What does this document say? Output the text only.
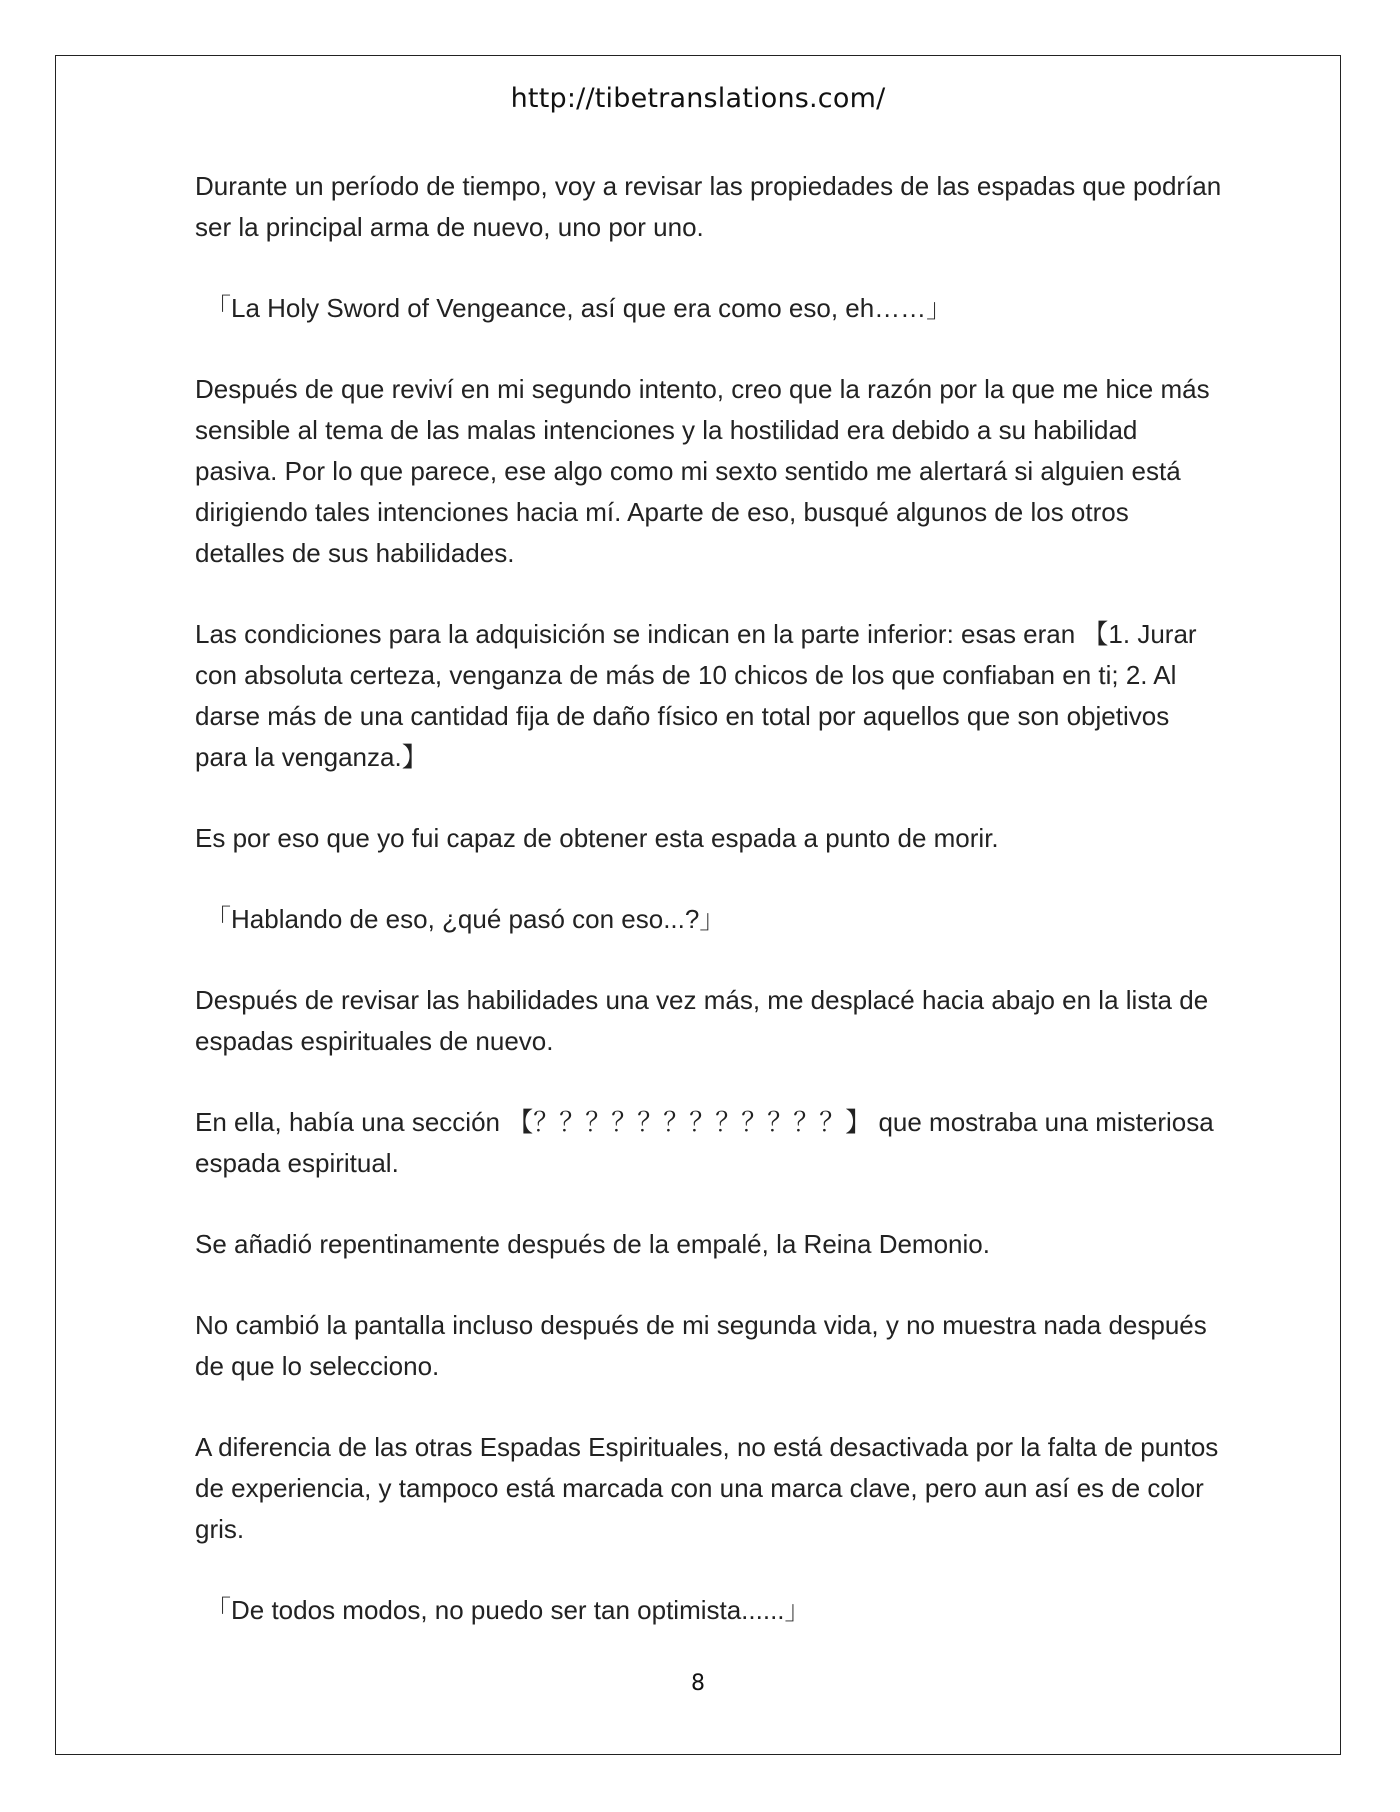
http://tibetranslations.com/

Durante un período de tiempo, voy a revisar las propiedades de las espadas que podrían ser la principal arma de nuevo, uno por uno.

「La Holy Sword of Vengeance, así que era como eso, eh……」

Después de que reviví en mi segundo intento, creo que la razón por la que me hice más sensible al tema de las malas intenciones y la hostilidad era debido a su habilidad pasiva. Por lo que parece, ese algo como mi sexto sentido me alertará si alguien está dirigiendo tales intenciones hacia mí. Aparte de eso, busqué algunos de los otros detalles de sus habilidades.

Las condiciones para la adquisición se indican en la parte inferior: esas eran 【1. Jurar con absoluta certeza, venganza de más de 10 chicos de los que confiaban en ti; 2. Al darse más de una cantidad fija de daño físico en total por aquellos que son objetivos para la venganza.】

Es por eso que yo fui capaz de obtener esta espada a punto de morir.

「Hablando de eso, ¿qué pasó con eso...?」

Después de revisar las habilidades una vez más, me desplacé hacia abajo en la lista de espadas espirituales de nuevo.

En ella, había una sección 【？？？？？？？？？？？？】 que mostraba una misteriosa espada espiritual.

Se añadió repentinamente después de la empalé, la Reina Demonio.

No cambió la pantalla incluso después de mi segunda vida, y no muestra nada después de que lo selecciono.

A diferencia de las otras Espadas Espirituales, no está desactivada por la falta de puntos de experiencia, y tampoco está marcada con una marca clave, pero aun así es de color gris.

「De todos modos, no puedo ser tan optimista......」

8
